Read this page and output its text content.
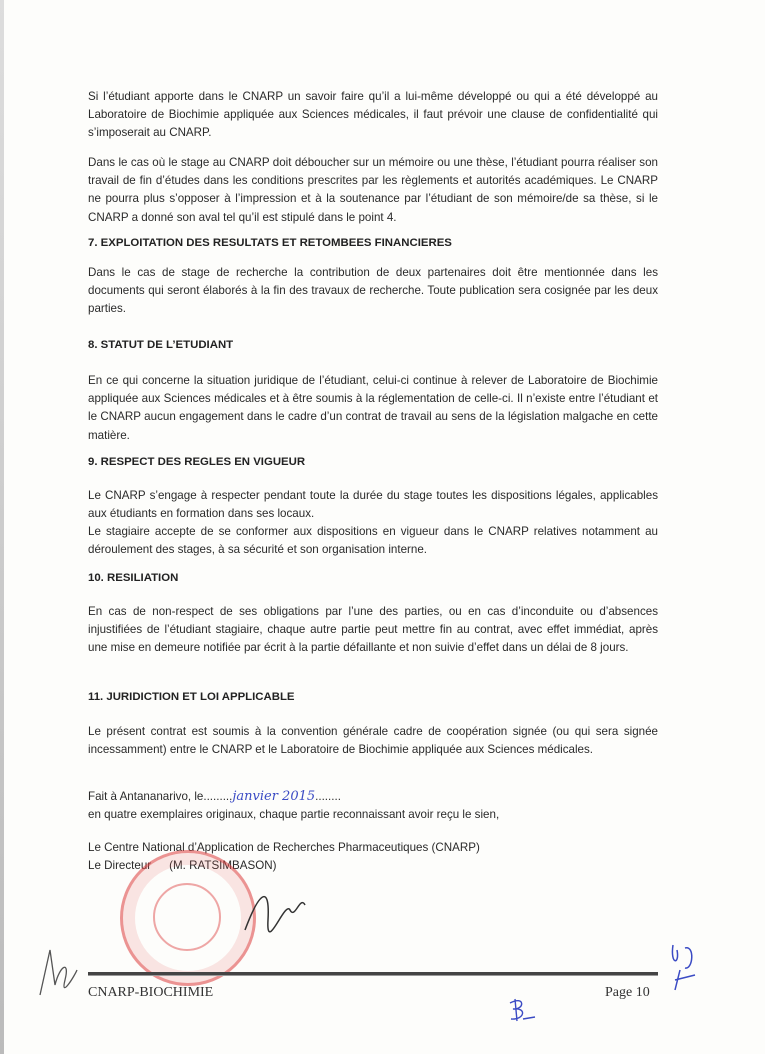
Si l’étudiant apporte dans le CNARP un savoir faire qu’il a lui-même développé ou qui a été développé au Laboratoire de Biochimie appliquée aux Sciences médicales, il faut prévoir une clause de confidentialité qui s’imposerait au CNARP.
Dans le cas où le stage au CNARP doit déboucher sur un mémoire ou une thèse, l’étudiant pourra réaliser son travail de fin d’études dans les conditions prescrites par les règlements et autorités académiques. Le CNARP ne pourra plus s’opposer à l’impression et à la soutenance par l’étudiant de son mémoire/de sa thèse, si le CNARP a donné son aval tel qu’il est stipulé dans le point 4.
7. EXPLOITATION DES RESULTATS ET RETOMBEES FINANCIERES
Dans le cas de stage de recherche la contribution de deux partenaires doit être mentionnée dans les documents qui seront élaborés à la fin des travaux de recherche. Toute publication sera cosignée par les deux parties.
8. STATUT DE L’ETUDIANT
En ce qui concerne la situation juridique de l’étudiant, celui-ci continue à relever de Laboratoire de Biochimie appliquée aux Sciences médicales et à être soumis à la réglementation de celle-ci. Il n’existe entre l’étudiant et le CNARP aucun engagement dans le cadre d’un contrat de travail au sens de la législation malgache en cette matière.
9. RESPECT DES REGLES EN VIGUEUR
Le CNARP s’engage à respecter pendant toute la durée du stage toutes les dispositions légales, applicables aux étudiants en formation dans ses locaux.
Le stagiaire accepte de se conformer aux dispositions en vigueur dans le CNARP relatives notamment au déroulement des stages, à sa sécurité et son organisation interne.
10. RESILIATION
En cas de non-respect de ses obligations par l’une des parties, ou en cas d’inconduite ou d’absences injustifiées de l’étudiant stagiaire, chaque autre partie peut mettre fin au contrat, avec effet immédiat, après une mise en demeure notifiée par écrit à la partie défaillante et non suivie d’effet dans un délai de 8 jours.
11. JURIDICTION ET LOI APPLICABLE
Le présent contrat est soumis à la convention générale cadre de coopération signée (ou qui sera signée incessamment) entre le CNARP et le Laboratoire de Biochimie appliquée aux Sciences médicales.
Fait à Antananarivo, le.........janvier 2015........
en quatre exemplaires originaux, chaque partie reconnaissant avoir reçu le sien,
Le Centre National d’Application de Recherches Pharmaceutiques (CNARP)
Le Directeur (M. RATSIMBASON)
CNARP-BIOCHIMIE	Page 10
